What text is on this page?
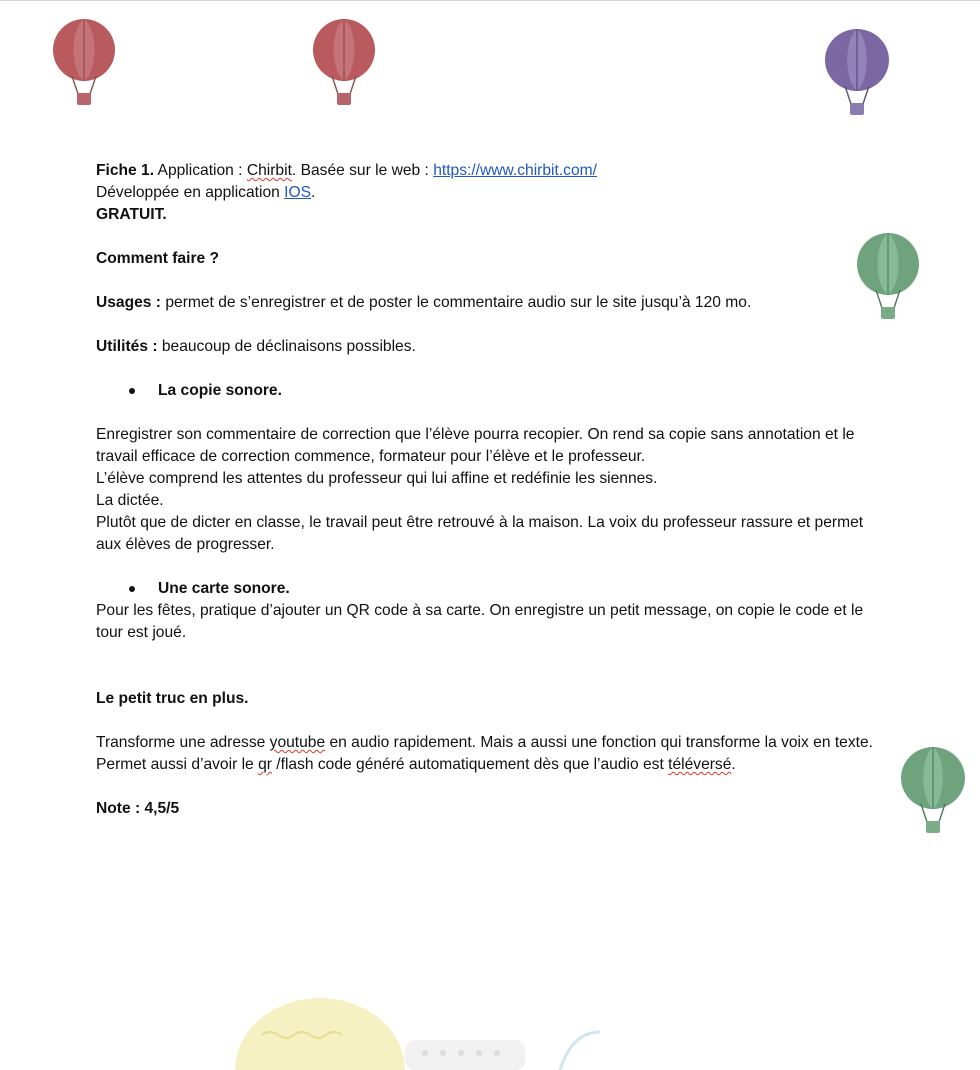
Fiche 1. Application : Chirbit. Basée sur le web : https://www.chirbit.com/

Développée en application IOS.

GRATUIT.

Comment faire ?

Usages : permet de s’enregistrer et de poster le commentaire audio sur le site jusqu’à 120 mo.

Utilités : beaucoup de déclinaisons possibles.

La copie sonore.

Enregistrer son commentaire de correction que l’élève pourra recopier. On rend sa copie sans annotation et le travail efficace de correction commence, formateur pour l’élève et le professeur.

L’élève comprend les attentes du professeur qui lui affine et redéfinie les siennes.

La dictée.

Plutôt que de dicter en classe, le travail peut être retrouvé à la maison. La voix du professeur rassure et permet aux élèves de progresser.

Une carte sonore.

Pour les fêtes, pratique d’ajouter un QR code à sa carte. On enregistre un petit message, on copie le code et le tour est joué.

Le petit truc en plus.

Transforme une adresse youtube en audio rapidement. Mais a aussi une fonction qui transforme la voix en texte.

Permet aussi d’avoir le qr /flash code généré automatiquement dès que l’audio est téléversé.

Note : 4,5/5
